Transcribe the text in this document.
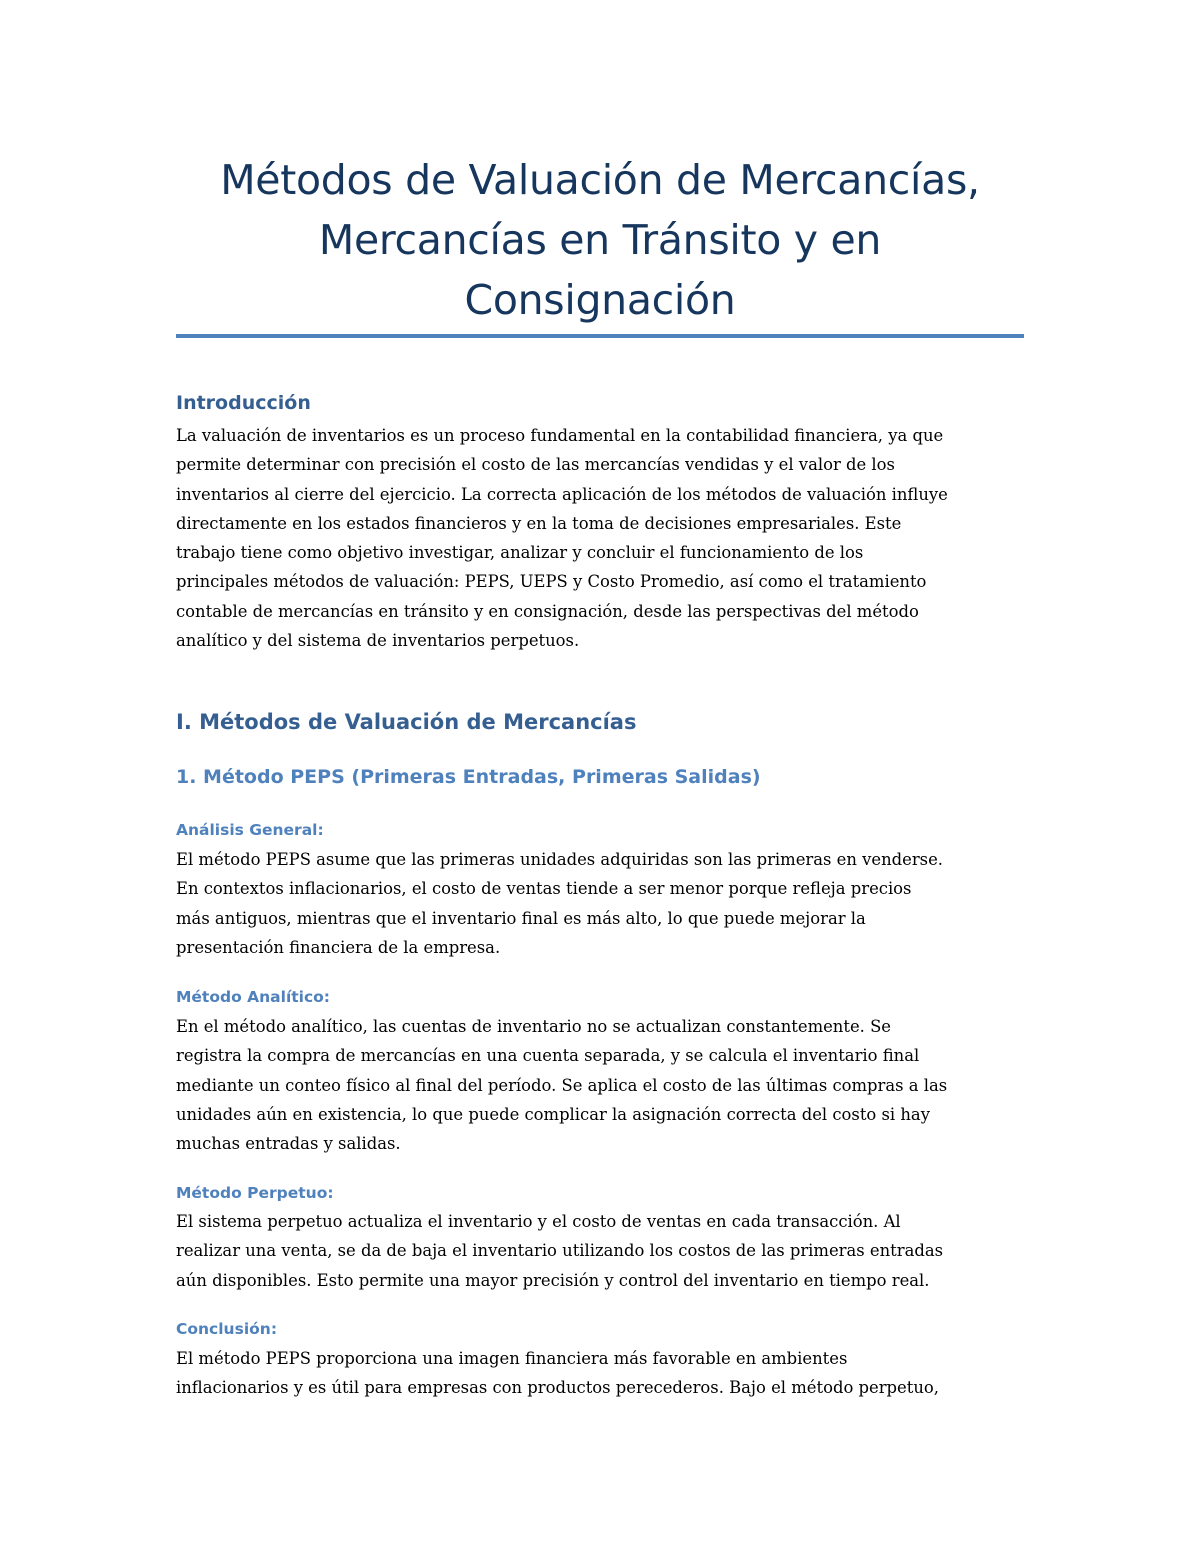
Métodos de Valuación de Mercancías,
Mercancías en Tránsito y en
Consignación
Introducción

La valuación de inventarios es un proceso fundamental en la contabilidad financiera, ya que
permite determinar con precisión el costo de las mercancías vendidas y el valor de los
inventarios al cierre del ejercicio. La correcta aplicación de los métodos de valuación influye
directamente en los estados financieros y en la toma de decisiones empresariales. Este
trabajo tiene como objetivo investigar, analizar y concluir el funcionamiento de los
principales métodos de valuación: PEPS, UEPS y Costo Promedio, así como el tratamiento
contable de mercancías en tránsito y en consignación, desde las perspectivas del método
analítico y del sistema de inventarios perpetuos.

I. Métodos de Valuación de Mercancías
1. Método PEPS (Primeras Entradas, Primeras Salidas)
Análisis General:

El método PEPS asume que las primeras unidades adquiridas son las primeras en venderse.
En contextos inflacionarios, el costo de ventas tiende a ser menor porque refleja precios
más antiguos, mientras que el inventario final es más alto, lo que puede mejorar la
presentación financiera de la empresa.

Método Analítico:

En el método analítico, las cuentas de inventario no se actualizan constantemente. Se
registra la compra de mercancías en una cuenta separada, y se calcula el inventario final
mediante un conteo físico al final del período. Se aplica el costo de las últimas compras a las
unidades aún en existencia, lo que puede complicar la asignación correcta del costo si hay
muchas entradas y salidas.

Método Perpetuo:

El sistema perpetuo actualiza el inventario y el costo de ventas en cada transacción. Al
realizar una venta, se da de baja el inventario utilizando los costos de las primeras entradas
aún disponibles. Esto permite una mayor precisión y control del inventario en tiempo real.

Conclusión:

El método PEPS proporciona una imagen financiera más favorable en ambientes
inflacionarios y es útil para empresas con productos perecederos. Bajo el método perpetuo,
